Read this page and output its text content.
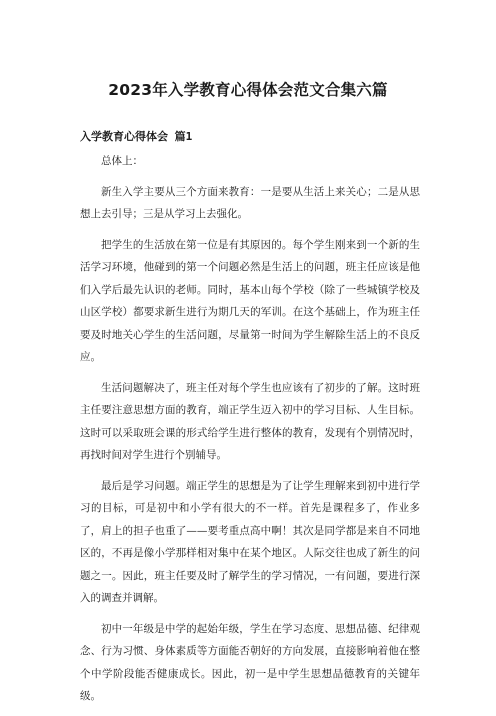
2023年入学教育心得体会范文合集六篇
入学教育心得体会 篇1

总体上：

新生入学主要从三个方面来教育：一是要从生活上来关心；二是从思想上去引导；三是从学习上去强化。

把学生的生活放在第一位是有其原因的。每个学生刚来到一个新的生活学习环境，他碰到的第一个问题必然是生活上的问题，班主任应该是他们入学后最先认识的老师。同时，基本山每个学校（除了一些城镇学校及山区学校）都要求新生进行为期几天的军训。在这个基础上，作为班主任要及时地关心学生的生活问题，尽量第一时间为学生解除生活上的不良反应。

生活问题解决了，班主任对每个学生也应该有了初步的了解。这时班主任要注意思想方面的教育，端正学生迈入初中的学习目标、人生目标。这时可以采取班会课的形式给学生进行整体的教育，发现有个别情况时，再找时间对学生进行个别辅导。

最后是学习问题。端正学生的思想是为了让学生理解来到初中进行学习的目标，可是初中和小学有很大的不一样。首先是课程多了，作业多了，肩上的担子也重了——要考重点高中啊！其次是同学都是来自不同地区的，不再是像小学那样相对集中在某个地区。人际交往也成了新生的问题之一。因此，班主任要及时了解学生的学习情况，一有问题，要进行深入的调查并调解。

初中一年级是中学的起始年级，学生在学习态度、思想品德、纪律观念、行为习惯、身体素质等方面能否朝好的方向发展，直接影响着他在整个中学阶段能否健康成长。因此，初一是中学生思想品德教育的关键年级。
